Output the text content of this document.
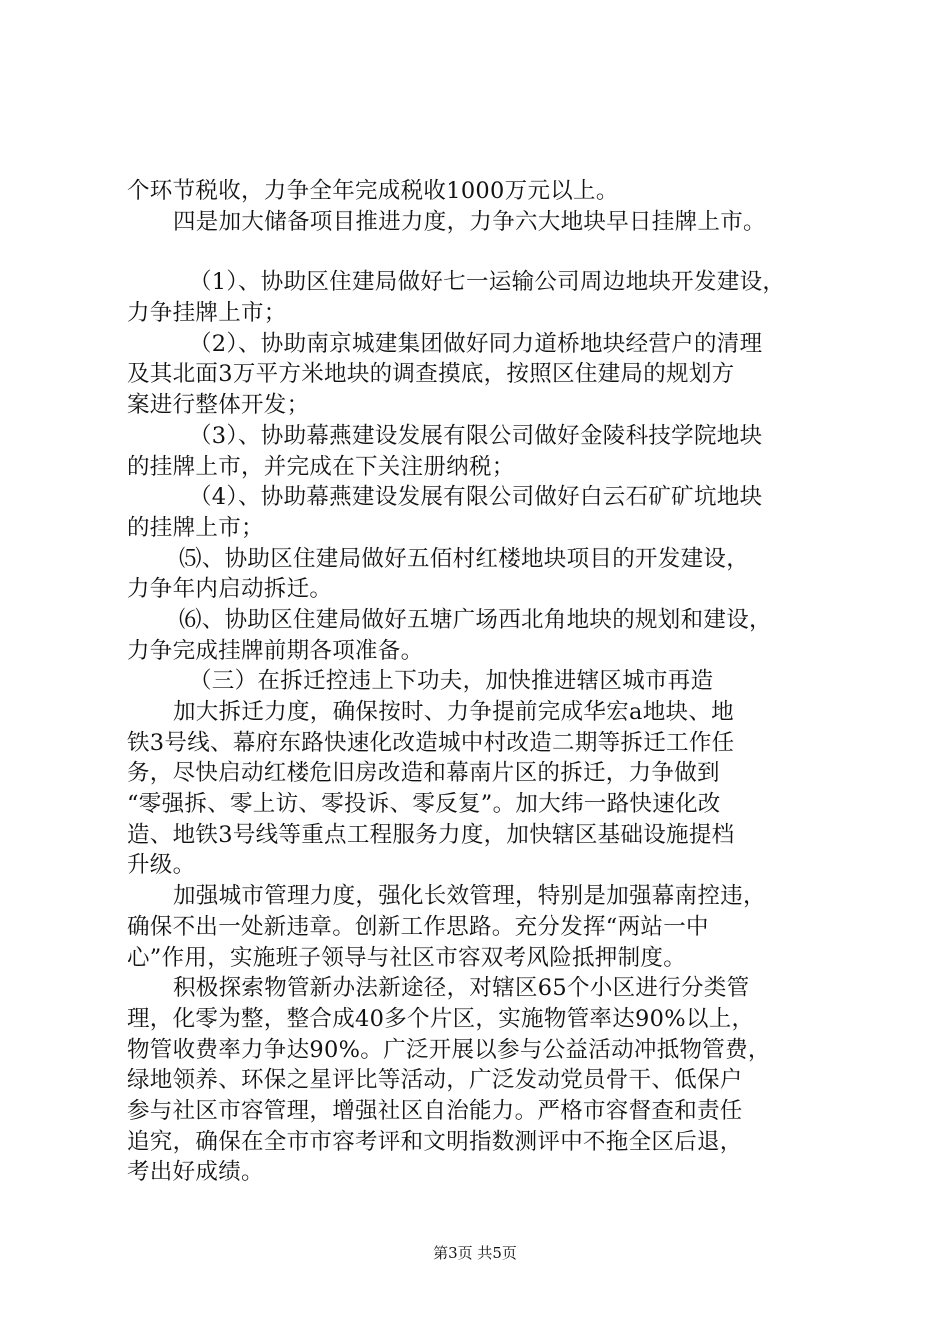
个环节税收，力争全年完成税收1000万元以上。
四是加大储备项目推进力度，力争六大地块早日挂牌上市。
（1）、协助区住建局做好七一运输公司周边地块开发建设，
力争挂牌上市；
（2）、协助南京城建集团做好同力道桥地块经营户的清理
及其北面3万平方米地块的调查摸底，按照区住建局的规划方
案进行整体开发；
（3）、协助幕燕建设发展有限公司做好金陵科技学院地块
的挂牌上市，并完成在下关注册纳税；
（4）、协助幕燕建设发展有限公司做好白云石矿矿坑地块
的挂牌上市；
⑸、协助区住建局做好五佰村红楼地块项目的开发建设，
力争年内启动拆迁。
⑹、协助区住建局做好五塘广场西北角地块的规划和建设，
力争完成挂牌前期各项准备。
（三）在拆迁控违上下功夫，加快推进辖区城市再造
加大拆迁力度，确保按时、力争提前完成华宏a地块、地
铁3号线、幕府东路快速化改造城中村改造二期等拆迁工作任
务，尽快启动红楼危旧房改造和幕南片区的拆迁，力争做到
“零强拆、零上访、零投诉、零反复”。加大纬一路快速化改
造、地铁3号线等重点工程服务力度，加快辖区基础设施提档
升级。
加强城市管理力度，强化长效管理，特别是加强幕南控违，
确保不出一处新违章。创新工作思路。充分发挥“两站一中
心”作用，实施班子领导与社区市容双考风险抵押制度。
积极探索物管新办法新途径，对辖区65个小区进行分类管
理，化零为整，整合成40多个片区，实施物管率达90%以上，
物管收费率力争达90%。广泛开展以参与公益活动冲抵物管费，
绿地领养、环保之星评比等活动，广泛发动党员骨干、低保户
参与社区市容管理，增强社区自治能力。严格市容督查和责任
追究，确保在全市市容考评和文明指数测评中不拖全区后退，
考出好成绩。
第3页 共5页
